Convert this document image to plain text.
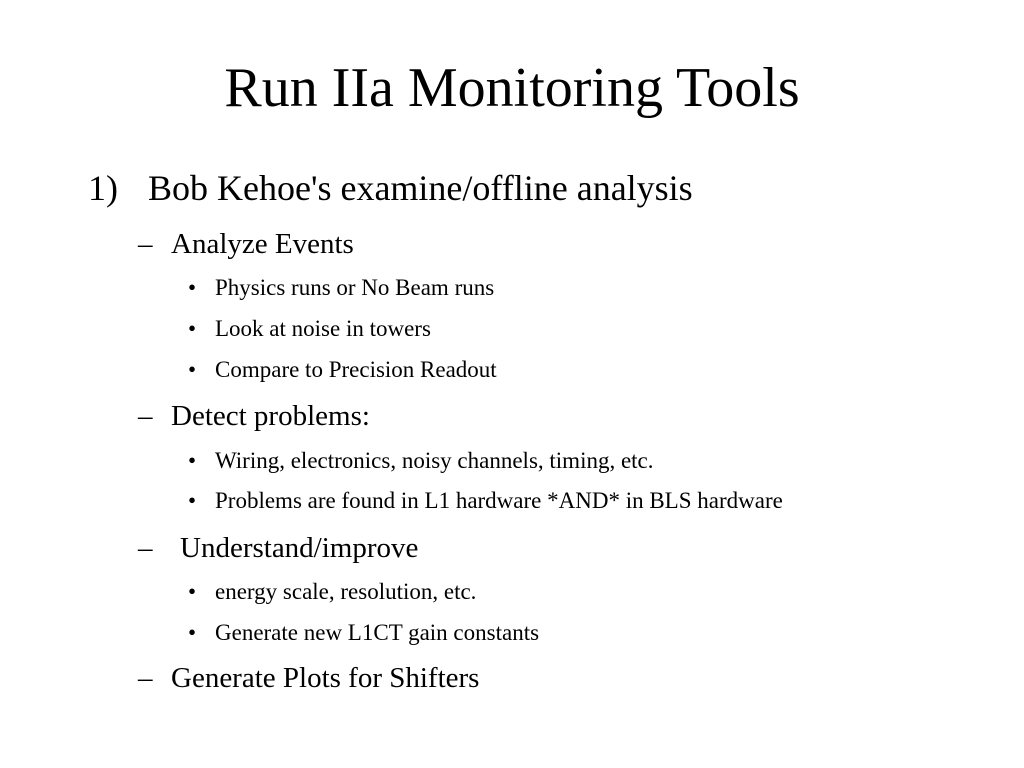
Run IIa Monitoring Tools
1) Bob Kehoe's examine/offline analysis
– Analyze Events
• Physics runs or No Beam runs
• Look at noise in towers
• Compare to Precision Readout
– Detect problems:
• Wiring, electronics, noisy channels, timing, etc.
• Problems are found in L1 hardware *AND* in BLS hardware
– Understand/improve
• energy scale, resolution, etc.
• Generate new L1CT gain constants
– Generate Plots for Shifters
